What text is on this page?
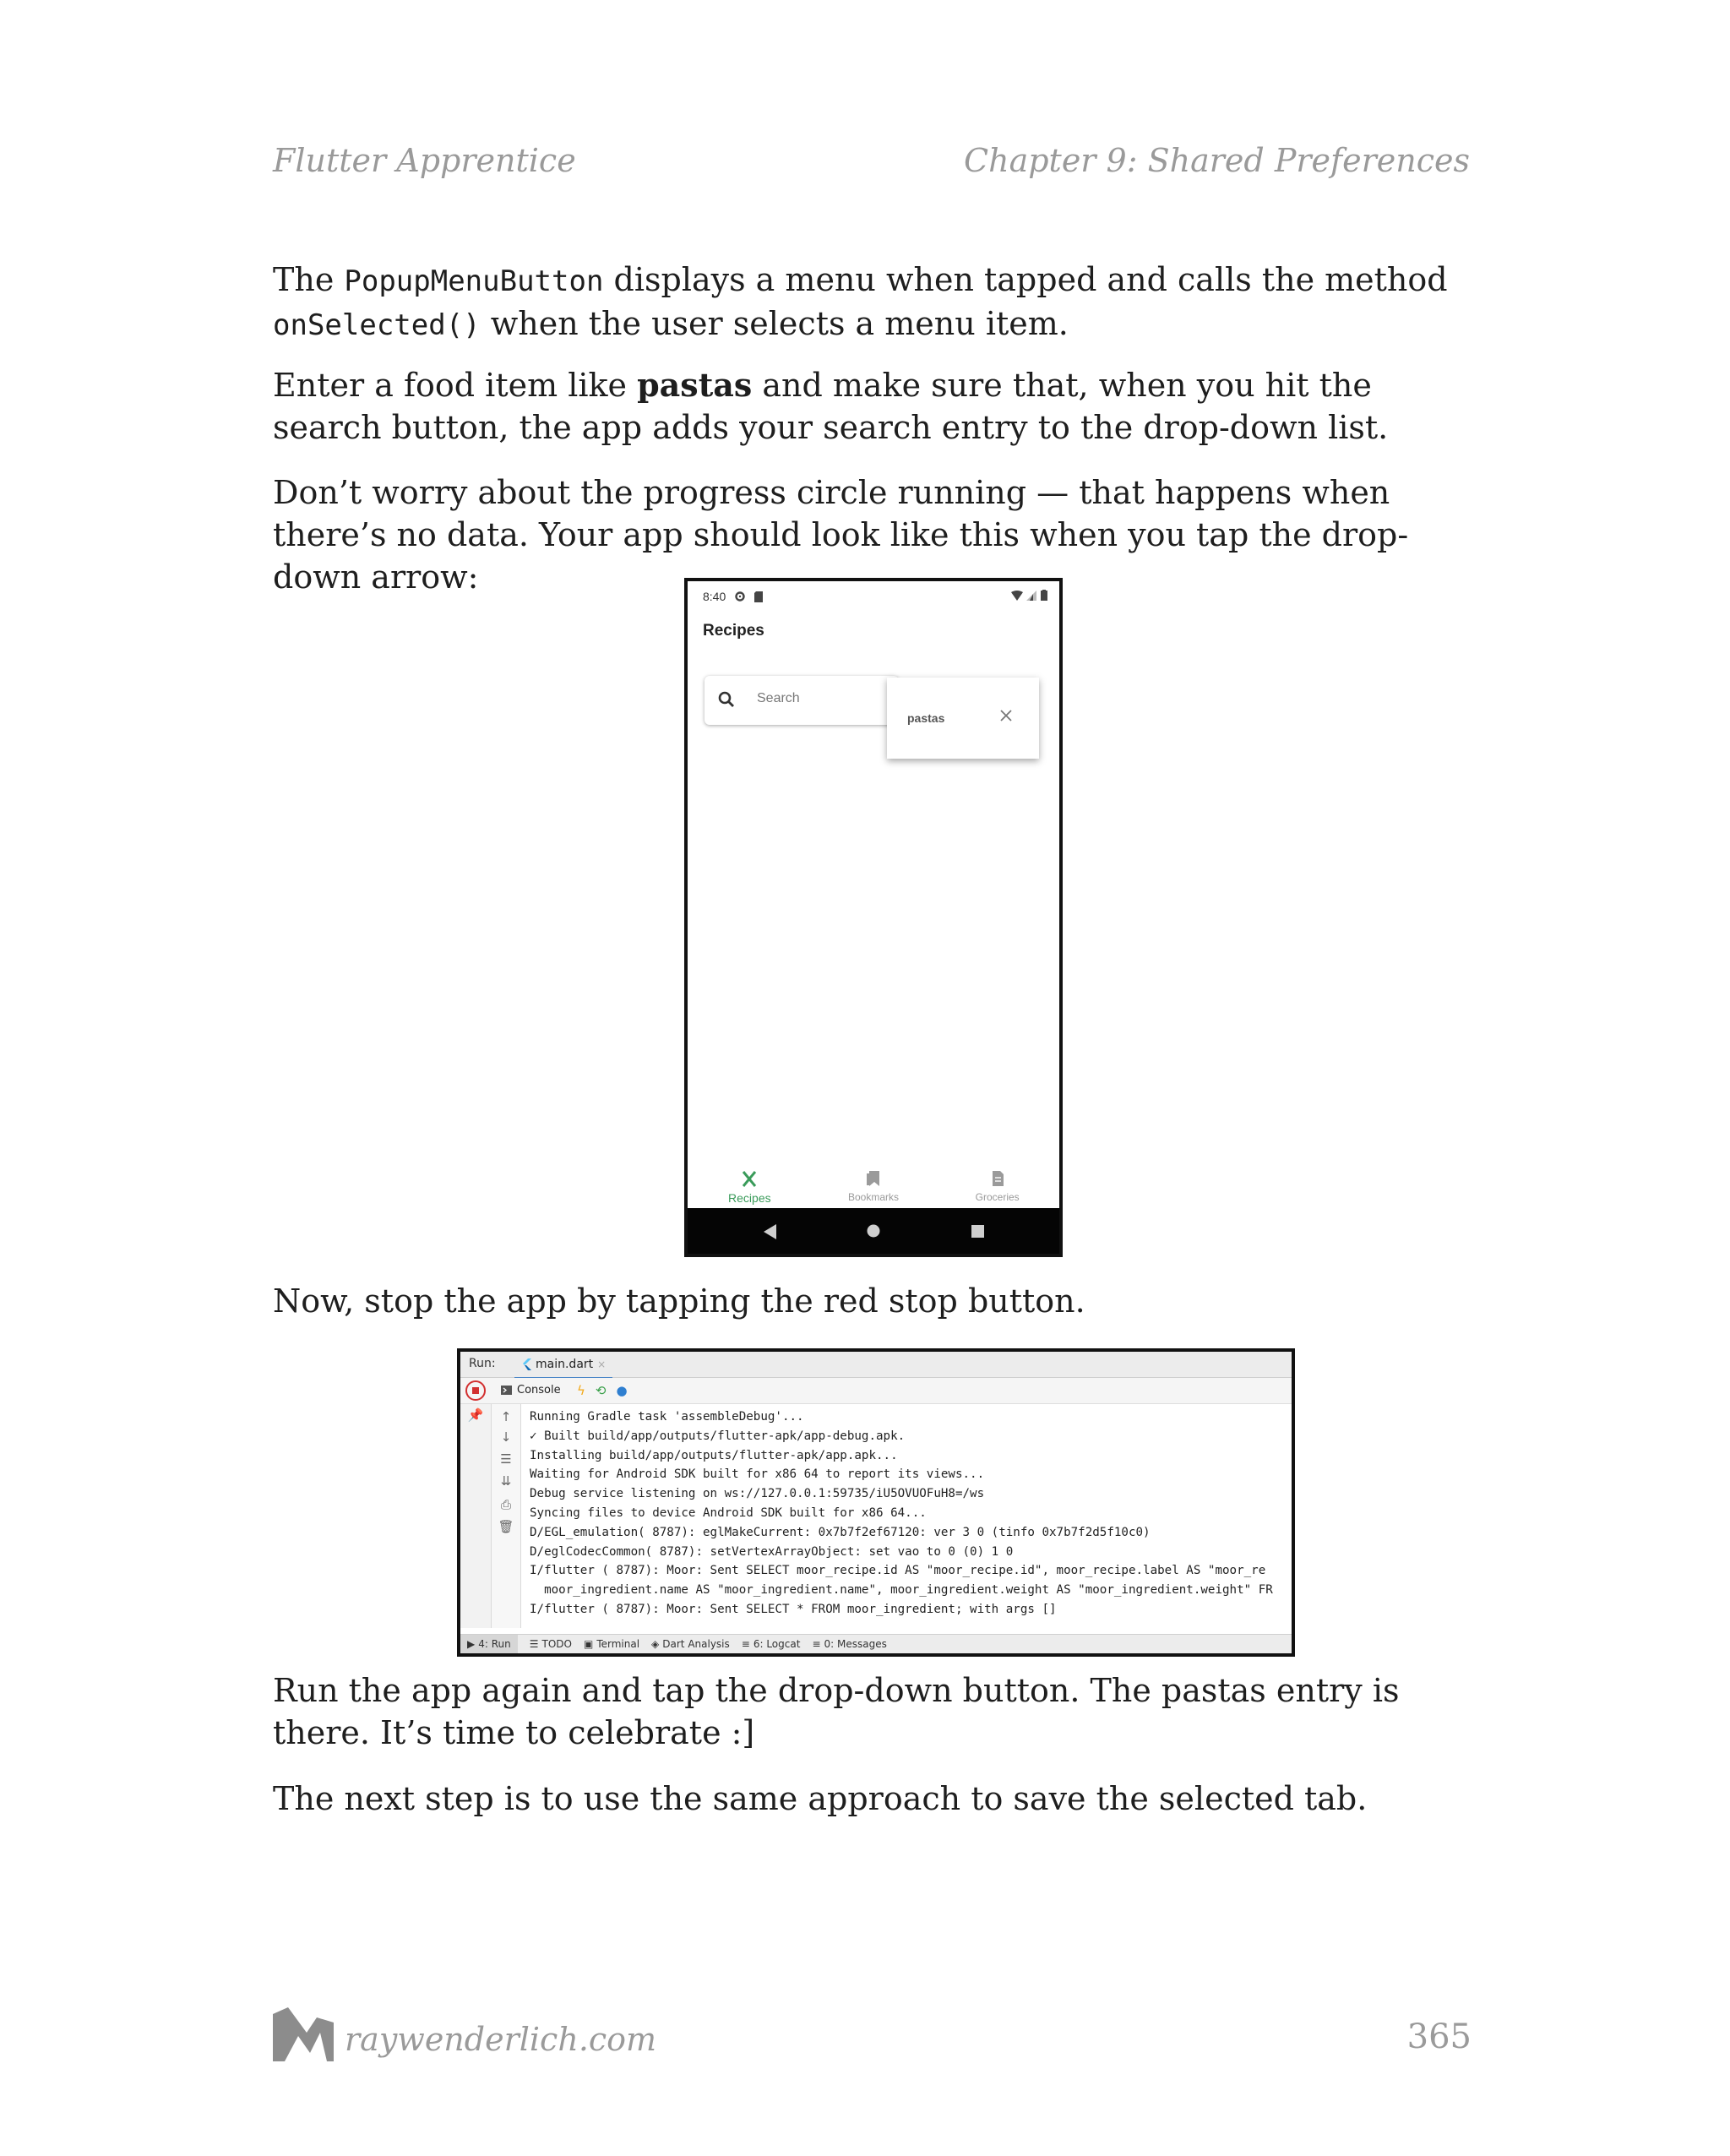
Flutter Apprentice	Chapter 9: Shared Preferences
The PopupMenuButton displays a menu when tapped and calls the method
onSelected() when the user selects a menu item.
Enter a food item like pastas and make sure that, when you hit the search button, the app adds your search entry to the drop-down list.
Don’t worry about the progress circle running — that happens when there’s no data. Your app should look like this when you tap the drop-down arrow:
8:40

Recipes
Search
pastas
Recipes	Bookmarks	Groceries
Now, stop the app by tapping the red stop button.
Run:	main.dart ×
Console ϟ ⟲ ●
📌	↑
↓
☰
⇊
⎙
🗑
Running Gradle task 'assembleDebug'...
✓ Built build/app/outputs/flutter-apk/app-debug.apk.
Installing build/app/outputs/flutter-apk/app.apk...
Waiting for Android SDK built for x86 64 to report its views...
Debug service listening on ws://127.0.0.1:59735/iU5OVUOFuH8=/ws
Syncing files to device Android SDK built for x86 64...
D/EGL_emulation( 8787): eglMakeCurrent: 0x7b7f2ef67120: ver 3 0 (tinfo 0x7b7f2d5f10c0)
D/eglCodecCommon( 8787): setVertexArrayObject: set vao to 0 (0) 1 0
I/flutter ( 8787): Moor: Sent SELECT moor_recipe.id AS "moor_recipe.id", moor_recipe.label AS "moor_re
moor_ingredient.name AS "moor_ingredient.name", moor_ingredient.weight AS "moor_ingredient.weight" FR
I/flutter ( 8787): Moor: Sent SELECT * FROM moor_ingredient; with args []
▶ 4: Run ☰ TODO ▣ Terminal ◈ Dart Analysis ≡ 6: Logcat ≡ 0: Messages
Run the app again and tap the drop-down button. The pastas entry is there. It’s time to celebrate :]
The next step is to use the same approach to save the selected tab.
raywenderlich.com	365
